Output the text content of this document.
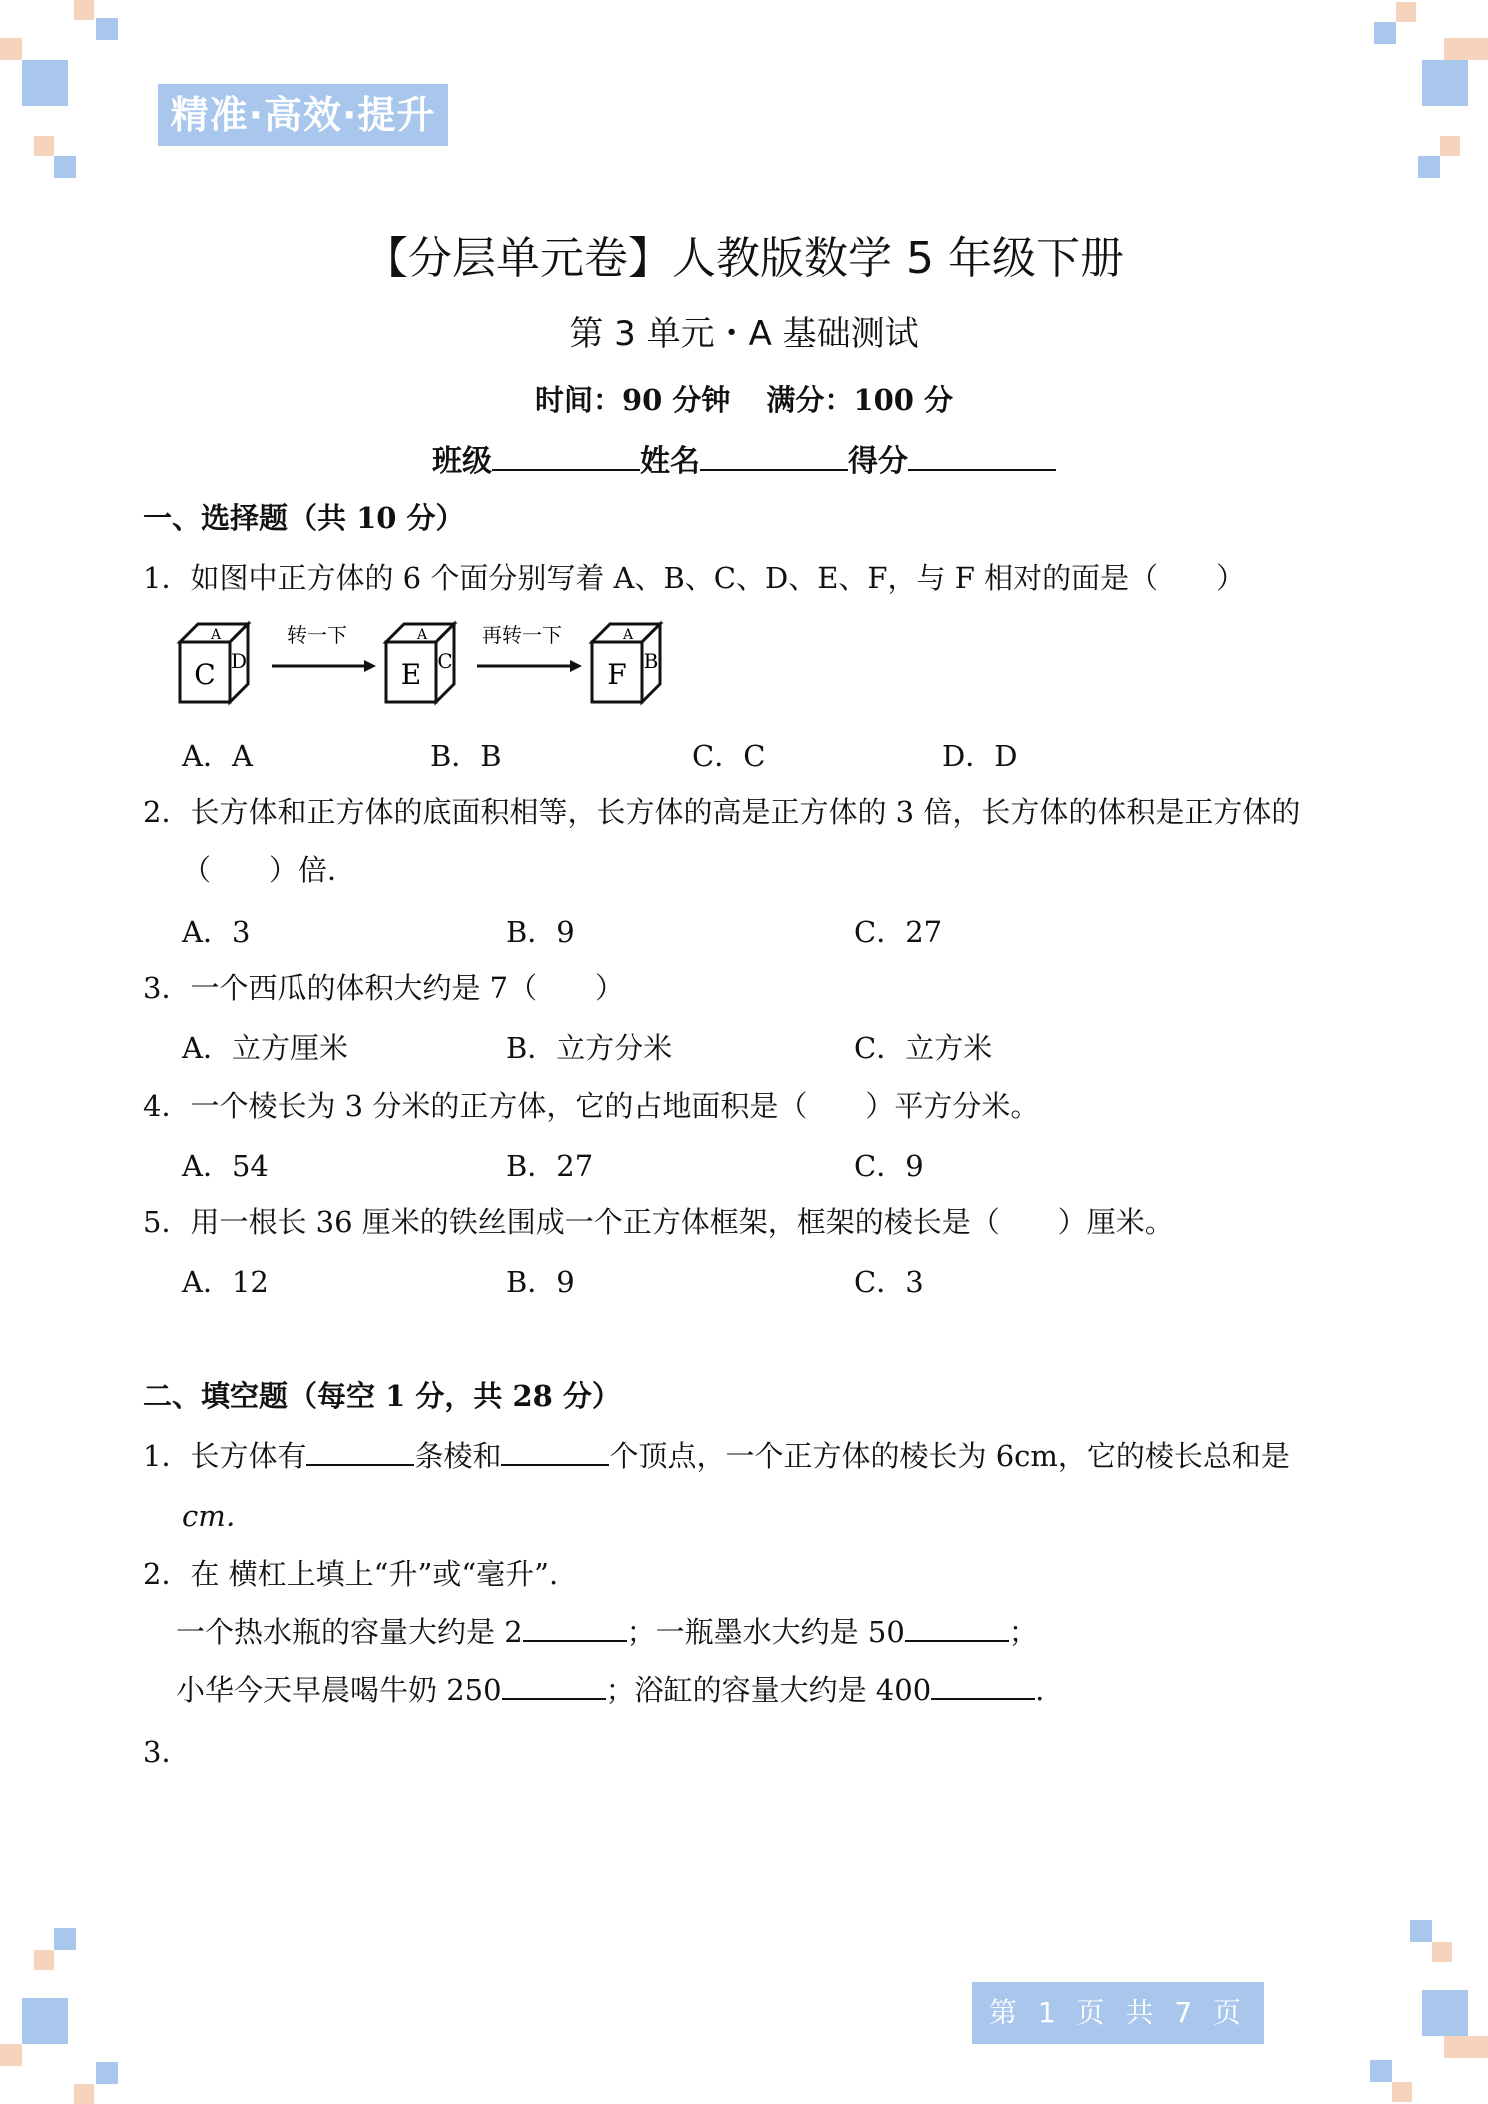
精准·高效·提升
【分层单元卷】人教版数学 5 年级下册
第 3 单元・A 基础测试
时间：90 分钟 满分：100 分
班级	姓名	得分
一、选择题（共 10 分）
1．如图中正方体的 6 个面分别写着 A、B、C、D、E、F，与 F 相对的面是（　　）
C
A
D
转一下
E
A
C
再转一下
F
A
B
A．A	B．B	C．C	D．D
2．长方体和正方体的底面积相等，长方体的高是正方体的 3 倍，长方体的体积是正方体的
（　　）倍．
A．3	B．9	C．27
3．一个西瓜的体积大约是 7（　　）
A．立方厘米	B．立方分米	C．立方米
4．一个棱长为 3 分米的正方体，它的占地面积是（　　）平方分米。
A．54	B．27	C．9
5．用一根长 36 厘米的铁丝围成一个正方体框架，框架的棱长是（　　）厘米。
A．12	B．9	C．3
二、填空题（每空 1 分，共 28 分）
1．长方体有	条棱和	个顶点，一个正方体的棱长为 6cm，它的棱长总和是
cm．
2．在 横杠上填上“升”或“毫升”.
一个热水瓶的容量大约是 2	；一瓶墨水大约是 50	；
小华今天早晨喝牛奶 250	；浴缸的容量大约是 400	.
3．
第 1 页 共 7 页
